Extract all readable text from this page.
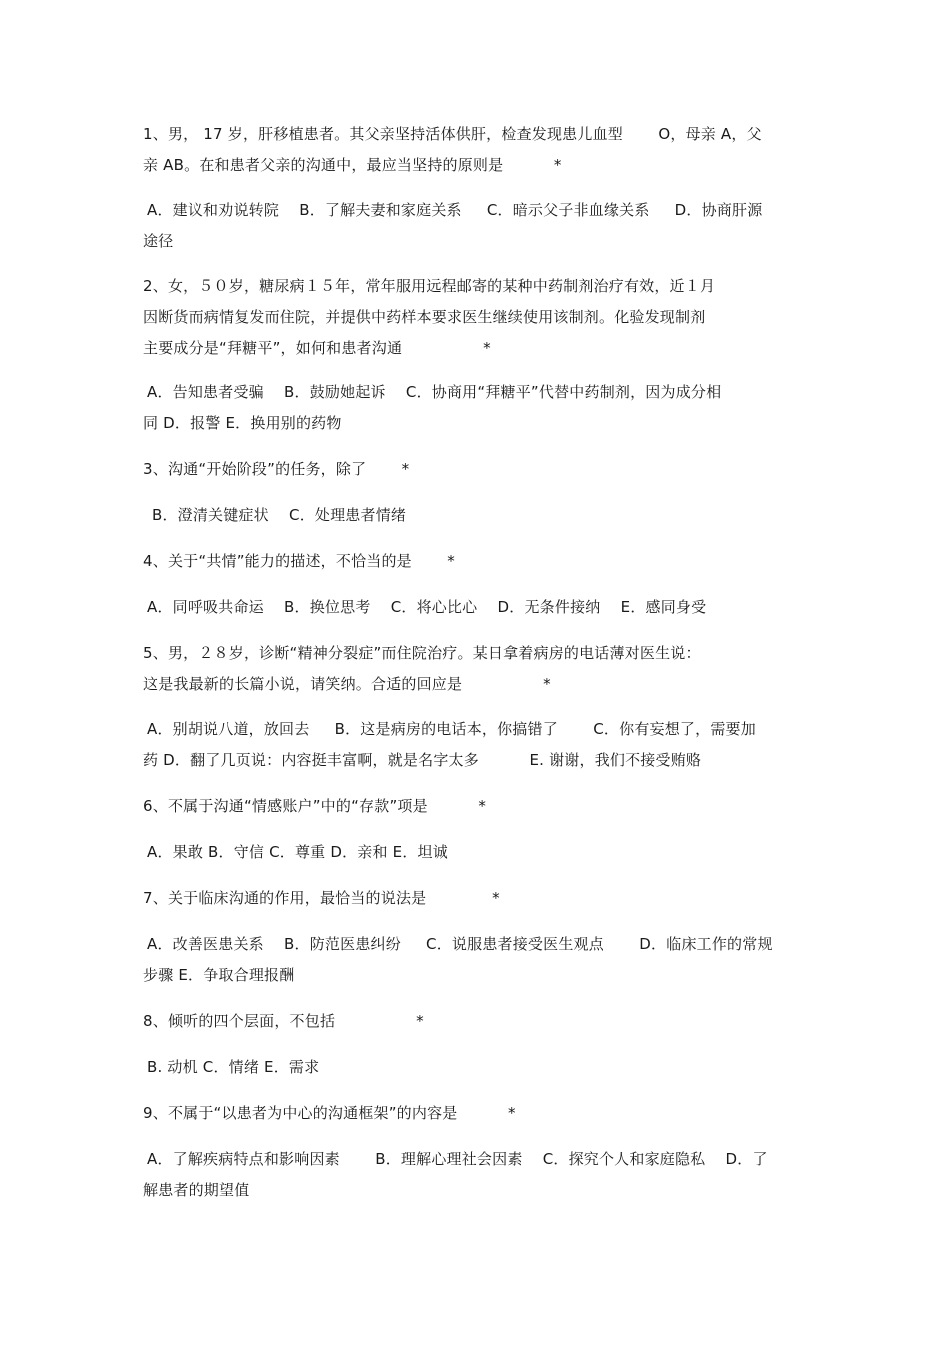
1、男， 17 岁，肝移植患者。其父亲坚持活体供肝，检查发现患儿血型 　　O，母亲 A，父
亲 AB。在和患者父亲的沟通中，最应当坚持的原则是 　　　*
A．建议和劝说转院 　B．了解夫妻和家庭关系 　 C．暗示父子非血缘关系 　 D．协商肝源
途径
2、女，５０岁，糖尿病１５年，常年服用远程邮寄的某种中药制剂治疗有效，近１月
因断货而病情复发而住院，并提供中药样本要求医生继续使用该制剂。化验发现制剂
主要成分是“拜糖平”，如何和患者沟通 　　　　　*
A．告知患者受骗 　B．鼓励她起诉 　C．协商用“拜糖平”代替中药制剂，因为成分相
同 D．报警 E．换用别的药物
3、沟通“开始阶段”的任务，除了 　　*
B．澄清关键症状 　C．处理患者情绪
4、关于“共情”能力的描述，不恰当的是 　　*
A．同呼吸共命运 　B．换位思考 　C．将心比心 　D．无条件接纳 　E．感同身受
5、男，２８岁，诊断“精神分裂症”而住院治疗。某日拿着病房的电话薄对医生说：
这是我最新的长篇小说，请笑纳。合适的回应是 　　　　　*
A．别胡说八道，放回去 　 B．这是病房的电话本，你搞错了 　　C．你有妄想了，需要加
药 D．翻了几页说：内容挺丰富啊，就是名字太多 　　　E. 谢谢，我们不接受贿赂
6、不属于沟通“情感账户”中的“存款”项是 　　　*
A．果敢 B．守信 C．尊重 D．亲和 E．坦诚
7、关于临床沟通的作用，最恰当的说法是 　　　　*
A．改善医患关系 　B．防范医患纠纷 　 C．说服患者接受医生观点 　　D．临床工作的常规
步骤 E．争取合理报酬
8、倾听的四个层面，不包括 　　　　　*
B. 动机 C．情绪 E．需求
9、不属于“以患者为中心的沟通框架”的内容是 　　　*
A．了解疾病特点和影响因素 　　B．理解心理社会因素 　C．探究个人和家庭隐私 　D．了
解患者的期望值
